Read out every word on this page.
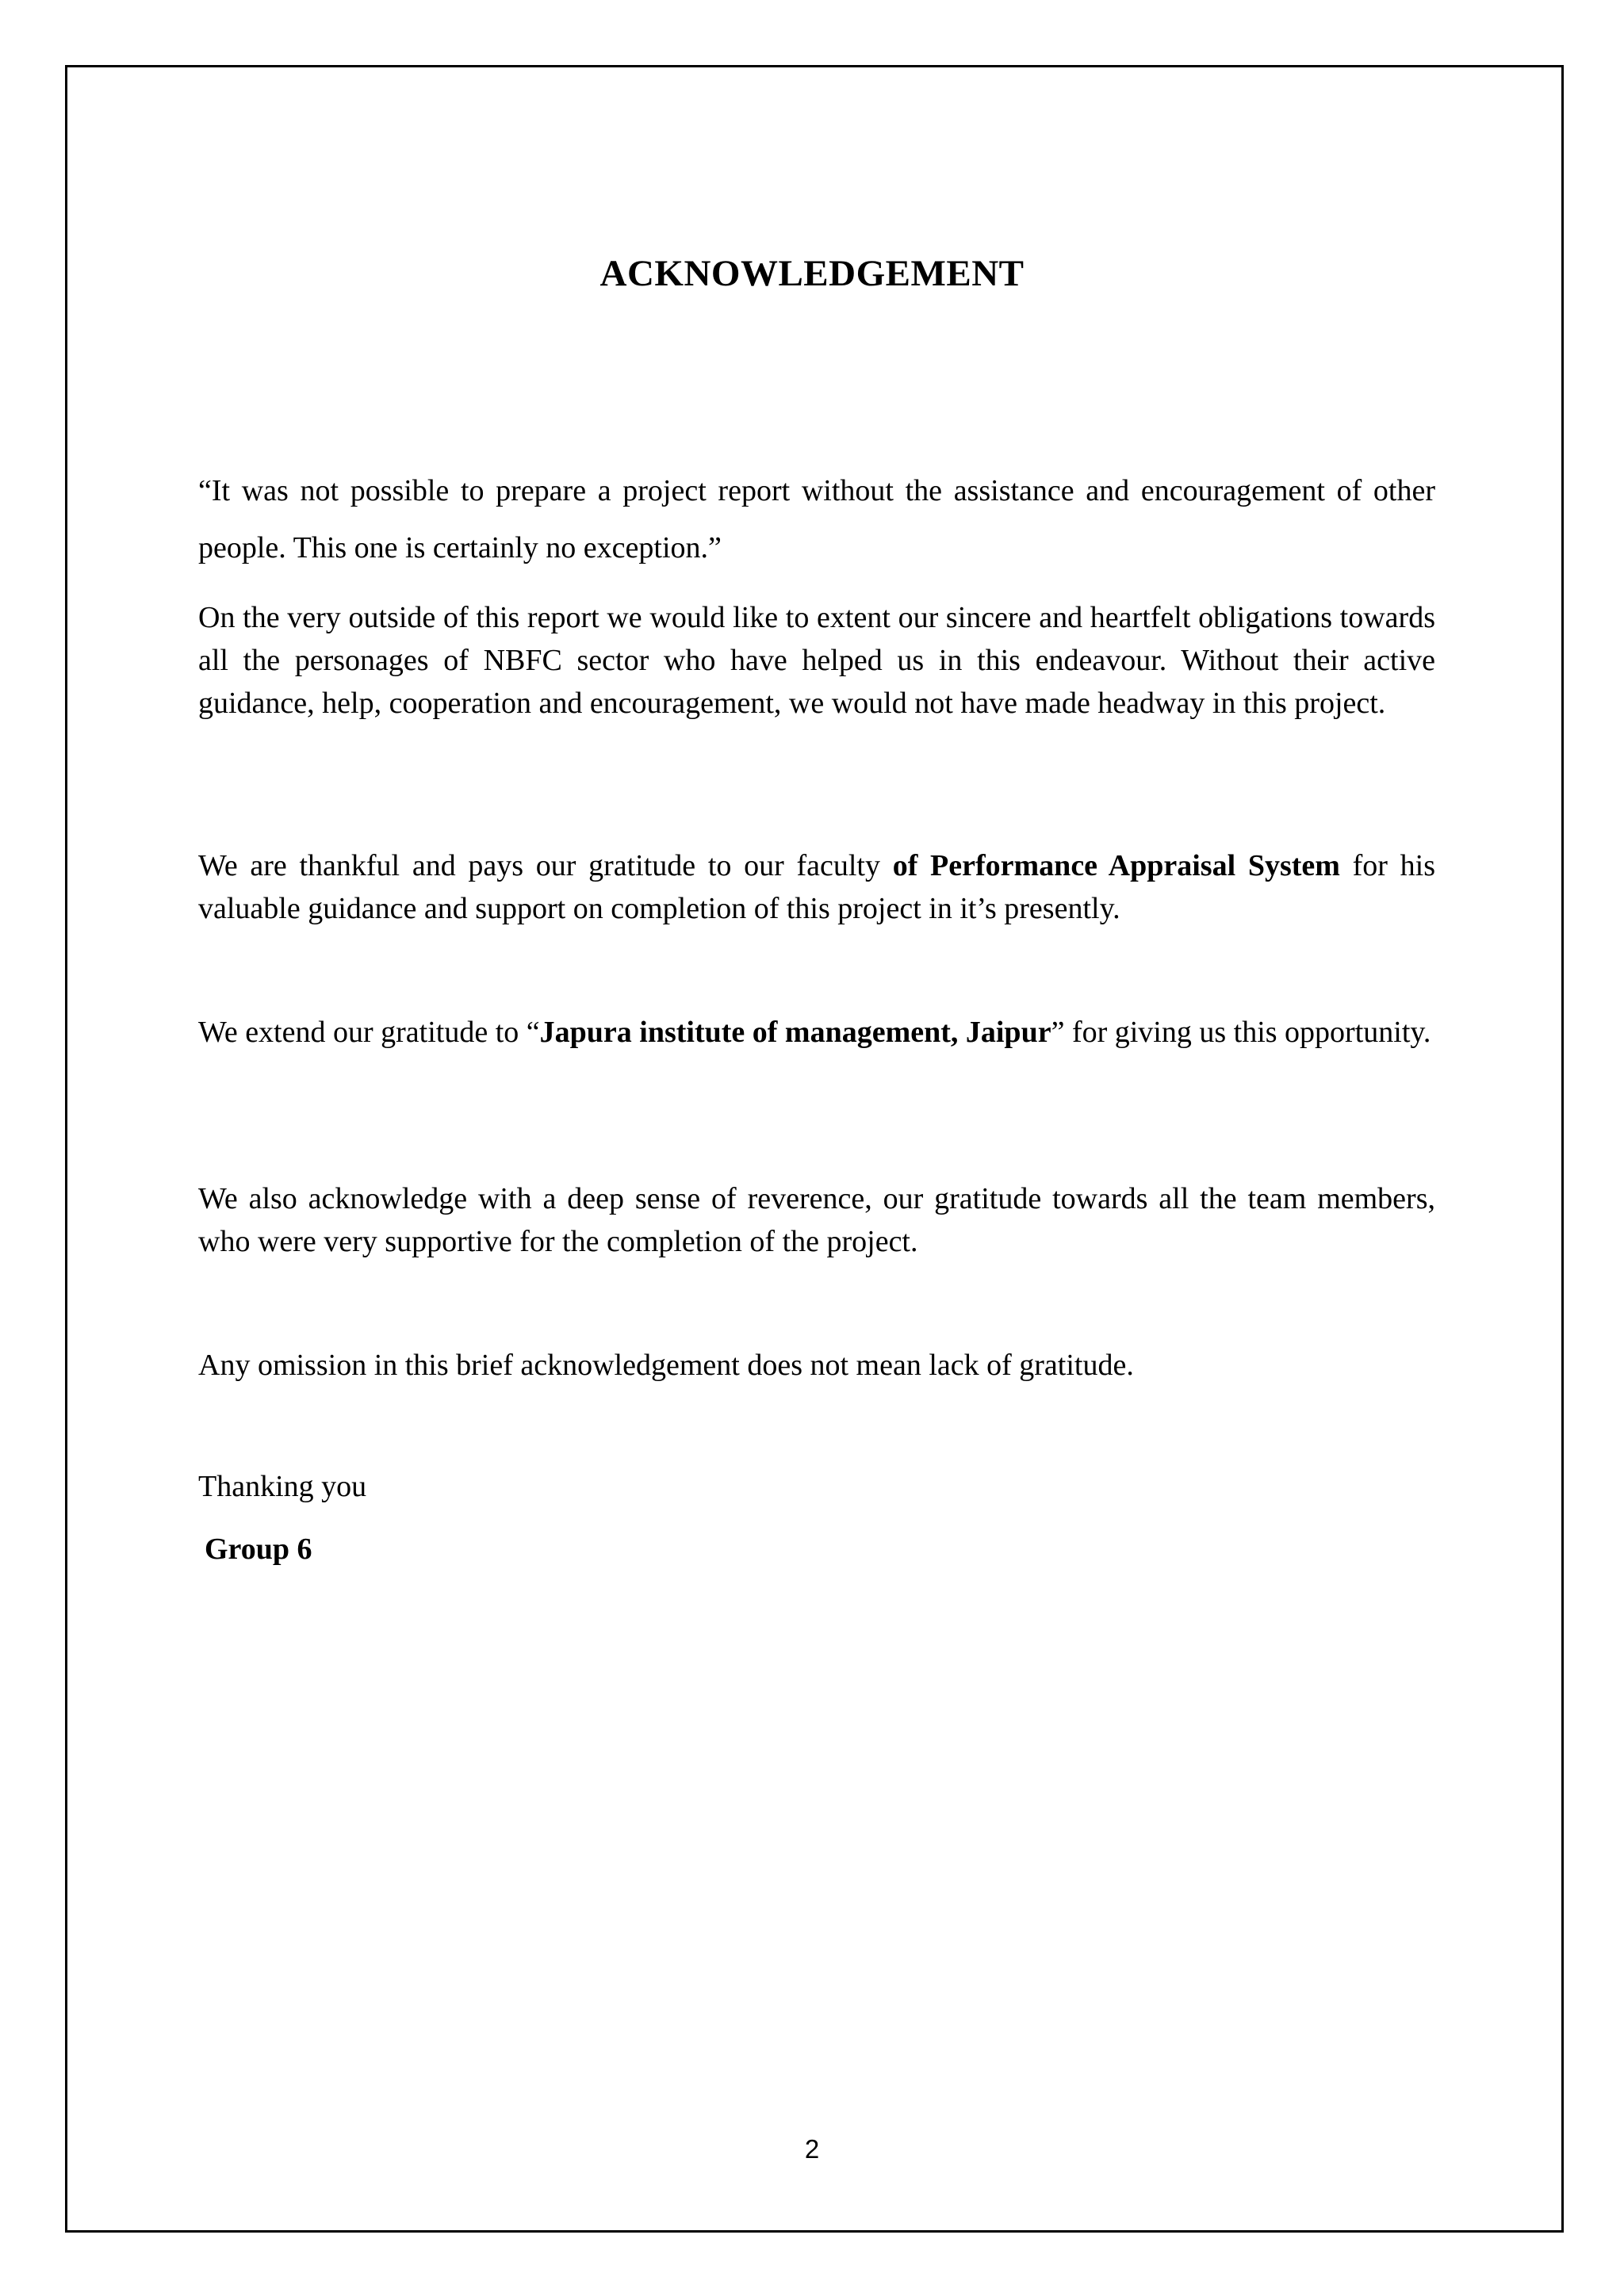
ACKNOWLEDGEMENT

“It was not possible to prepare a project report without the assistance and encouragement of other people. This one is certainly no exception.”

On the very outside of this report we would like to extent our sincere and heartfelt obligations towards all the personages of NBFC sector who have helped us in this endeavour. Without their active guidance, help, cooperation and encouragement, we would not have made headway in this project.

We are thankful and pays our gratitude to our faculty of Performance Appraisal System for his valuable guidance and support on completion of this project in it’s presently.

We extend our gratitude to “Japura institute of management, Jaipur” for giving us this opportunity.

We also acknowledge with a deep sense of reverence, our gratitude towards all the team members, who were very supportive for the completion of the project.

Any omission in this brief acknowledgement does not mean lack of gratitude.

Thanking you

Group 6

2
